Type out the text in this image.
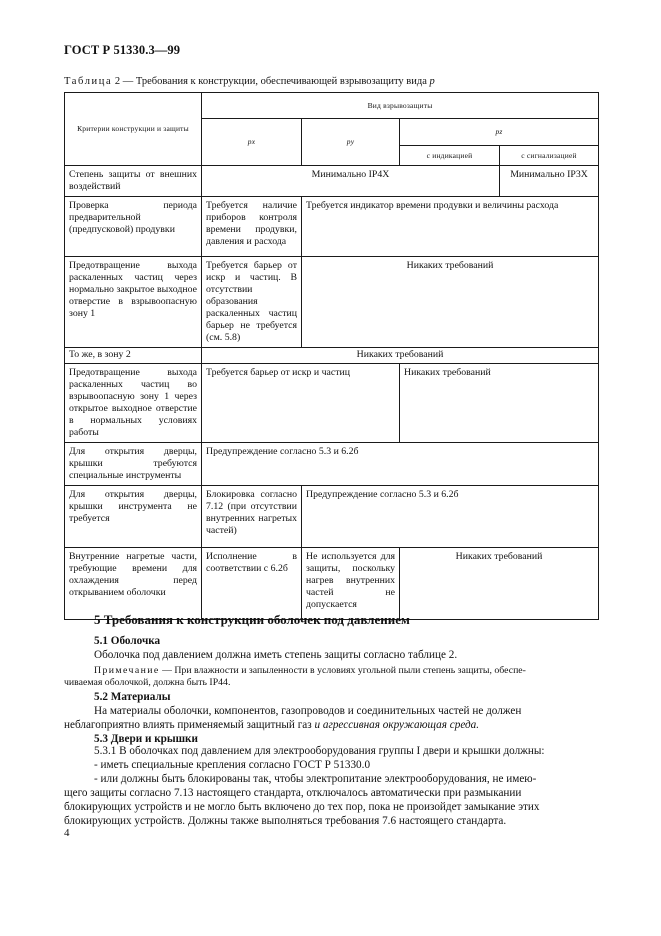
ГОСТ Р 51330.3—99
Таблица 2 — Требования к конструкции, обеспечивающей взрывозащиту вида p
Критерии конструкции и защиты	Вид взрывозащиты			
	px	py	pz	
			с индикацией	с сигнализацией
Степень защиты от внешних воздействий	Минимально IP4X			Минимально IP3X
Проверка периода предварительной (предпусковой) продувки	Требуется наличие приборов контроля времени продувки, давления и расхода	Требуется индикатор времени продувки и величины расхода		
Предотвращение выхода раскаленных частиц через нормально закрытое выходное отверстие в взрывоопасную зону 1	Требуется барьер от искр и частиц. В отсутствии образования раскаленных частиц барьер не требуется (см. 5.8)	Никаких требований		
То же, в зону 2	Никаких требований			
Предотвращение выхода раскаленных частиц во взрывоопасную зону 1 через открытое выходное отверстие в нормальных условиях работы	Требуется барьер от искр и частиц		Никаких требований	
Для открытия дверцы, крышки требуются специальные инструменты	Предупреждение согласно 5.3 и 6.2б			
Для открытия дверцы, крышки инструмента не требуется	Блокировка согласно 7.12 (при отсутствии внутренних нагретых частей)	Предупреждение согласно 5.3 и 6.2б		
Внутренние нагретые части, требующие времени для охлаждения перед открыванием оболочки	Исполнение в соответствии с 6.2б	Не используется для защиты, поскольку нагрев внутренних частей не допускается	Никаких требований	
5 Требования к конструкции оболочек под давлением
5.1 Оболочка
Оболочка под давлением должна иметь степень защиты согласно таблице 2.
Примечание — При влажности и запыленности в условиях угольной пыли степень защиты, обеспе-
чиваемая оболочкой, должна быть IP44.
5.2 Материалы
На материалы оболочки, компонентов, газопроводов и соединительных частей не должен
неблагоприятно влиять применяемый защитный газ и агрессивная окружающая среда.
5.3 Двери и крышки
5.3.1 В оболочках под давлением для электрооборудования группы I двери и крышки должны:
- иметь специальные крепления согласно ГОСТ Р 51330.0
- или должны быть блокированы так, чтобы электропитание электрооборудования, не имею-
щего защиты согласно 7.13 настоящего стандарта, отключалось автоматически при размыкании
блокирующих устройств и не могло быть включено до тех пор, пока не произойдет замыкание этих
блокирующих устройств. Должны также выполняться требования 7.6 настоящего стандарта.
4
